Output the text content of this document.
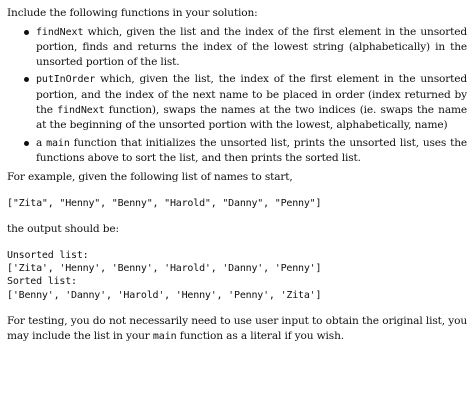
Include the following functions in your solution:

findNext which, given the list and the index of the first element in the unsorted portion, finds and returns the index of the lowest string (alphabetically) in the unsorted portion of the list.

putInOrder which, given the list, the index of the first element in the unsorted portion, and the index of the next name to be placed in order (index returned by the findNext function), swaps the names at the two indices (ie. swaps the name at the beginning of the unsorted portion with the lowest, alphabetically, name)

a main function that initializes the unsorted list, prints the unsorted list, uses the functions above to sort the list, and then prints the sorted list.

For example, given the following list of names to start,

["Zita", "Henny", "Benny", "Harold", "Danny", "Penny"]

the output should be:

Unsorted list:
['Zita', 'Henny', 'Benny', 'Harold', 'Danny', 'Penny']
Sorted list:
['Benny', 'Danny', 'Harold', 'Henny', 'Penny', 'Zita']

For testing, you do not necessarily need to use user input to obtain the original list, you may include the list in your main function as a literal if you wish.
